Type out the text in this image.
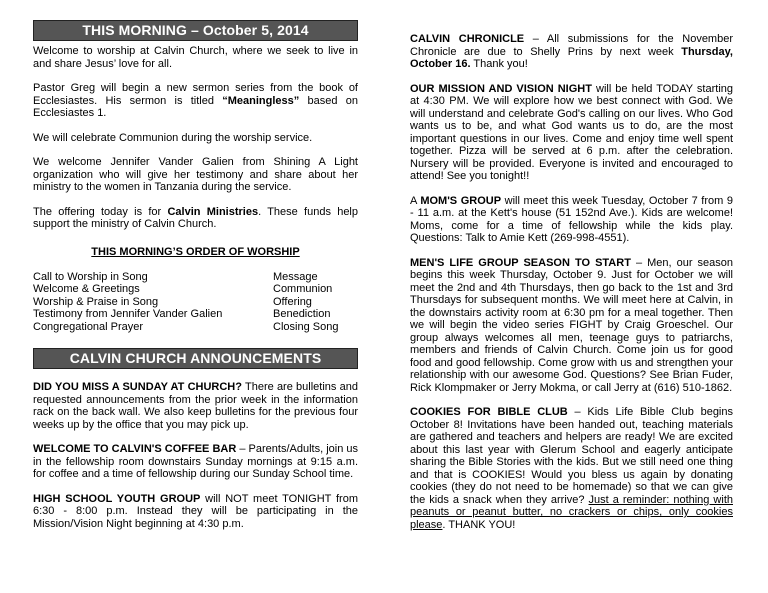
THIS MORNING – October 5, 2014

Welcome to worship at Calvin Church, where we seek to live in and share Jesus’ love for all.

Pastor Greg will begin a new sermon series from the book of Ecclesiastes. His sermon is titled “Meaningless” based on Ecclesiastes 1.

We will celebrate Communion during the worship service.

We welcome Jennifer Vander Galien from Shining A Light organization who will give her testimony and share about her ministry to the women in Tanzania during the service.

The offering today is for Calvin Ministries. These funds help support the ministry of Calvin Church.

THIS MORNING’S ORDER OF WORSHIP
Call to Worship in Song	Message
Welcome & Greetings	Communion
Worship & Praise in Song	Offering
Testimony from Jennifer Vander Galien	Benediction
Congregational Prayer	Closing Song
CALVIN CHURCH ANNOUNCEMENTS

DID YOU MISS A SUNDAY AT CHURCH? There are bulletins and requested announcements from the prior week in the information rack on the back wall. We also keep bulletins for the previous four weeks up by the office that you may pick up.

WELCOME TO CALVIN'S COFFEE BAR – Parents/Adults, join us in the fellowship room downstairs Sunday mornings at 9:15 a.m. for coffee and a time of fellowship during our Sunday School time.

HIGH SCHOOL YOUTH GROUP will NOT meet TONIGHT from 6:30 - 8:00 p.m. Instead they will be participating in the Mission/Vision Night beginning at 4:30 p.m.

CALVIN CHRONICLE – All submissions for the November Chronicle are due to Shelly Prins by next week Thursday, October 16. Thank you!

OUR MISSION AND VISION NIGHT will be held TODAY starting at 4:30 PM. We will explore how we best connect with God. We will understand and celebrate God's calling on our lives. Who God wants us to be, and what God wants us to do, are the most important questions in our lives. Come and enjoy time well spent together. Pizza will be served at 6 p.m. after the celebration. Nursery will be provided. Everyone is invited and encouraged to attend! See you tonight!!

A MOM'S GROUP will meet this week Tuesday, October 7 from 9 - 11 a.m. at the Kett's house (51 152nd Ave.). Kids are welcome! Moms, come for a time of fellowship while the kids play. Questions: Talk to Amie Kett (269-998-4551).

MEN'S LIFE GROUP SEASON TO START – Men, our season begins this week Thursday, October 9. Just for October we will meet the 2nd and 4th Thursdays, then go back to the 1st and 3rd Thursdays for subsequent months. We will meet here at Calvin, in the downstairs activity room at 6:30 pm for a meal together. Then we will begin the video series FIGHT by Craig Groeschel. Our group always welcomes all men, teenage guys to patriarchs, members and friends of Calvin Church. Come join us for good food and good fellowship. Come grow with us and strengthen your relationship with our awesome God. Questions? See Brian Fuder, Rick Klompmaker or Jerry Mokma, or call Jerry at (616) 510-1862.

COOKIES FOR BIBLE CLUB – Kids Life Bible Club begins October 8! Invitations have been handed out, teaching materials are gathered and teachers and helpers are ready! We are excited about this last year with Glerum School and eagerly anticipate sharing the Bible Stories with the kids. But we still need one thing and that is COOKIES! Would you bless us again by donating cookies (they do not need to be homemade) so that we can give the kids a snack when they arrive? Just a reminder: nothing with peanuts or peanut butter, no crackers or chips, only cookies please. THANK YOU!
